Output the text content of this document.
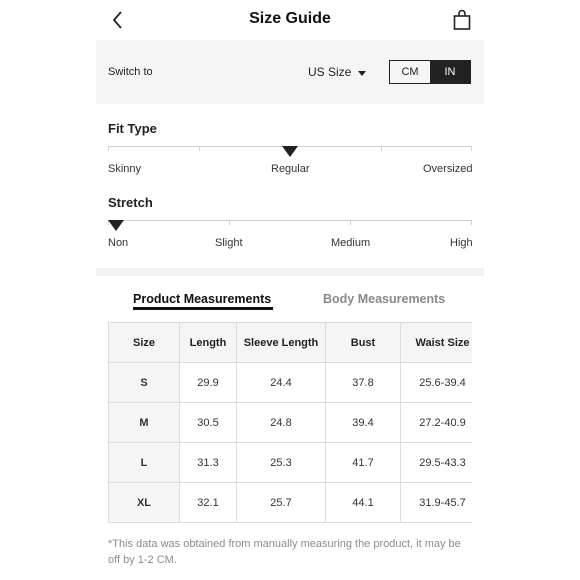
Size Guide
Switch to	US Size	CM	IN
Fit Type
Skinny	Regular	Oversized
Stretch
Non	Slight	Medium	High
Product Measurements	Body Measurements
Size	Length	Sleeve Length	Bust	Waist Size
S	29.9	24.4	37.8	25.6-39.4
M	30.5	24.8	39.4	27.2-40.9
L	31.3	25.3	41.7	29.5-43.3
XL	32.1	25.7	44.1	31.9-45.7
*This data was obtained from manually measuring the product, it may be off by 1-2 CM.
